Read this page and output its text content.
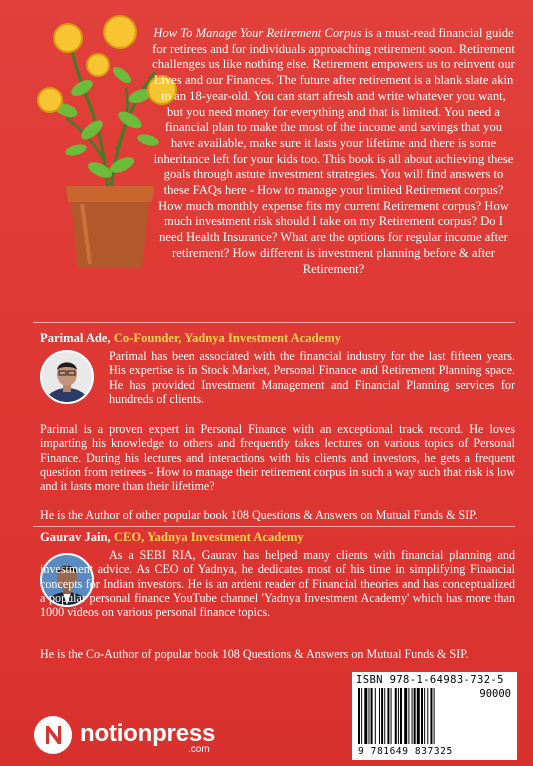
How To Manage Your Retirement Corpus is a must-read financial guide for retirees and for individuals approaching retirement soon. Retirement challenges us like nothing else. Retirement empowers us to reinvent our Lives and our Finances. The future after retirement is a blank slate akin to an 18-year-old. You can start afresh and write whatever you want, but you need money for everything and that is limited. You need a financial plan to make the most of the income and savings that you have available, make sure it lasts your lifetime and there is some inheritance left for your kids too. This book is all about achieving these goals through astute investment strategies. You will find answers to these FAQs here - How to manage your limited Retirement corpus? How much monthly expense fits my current Retirement corpus? How much investment risk should I take on my Retirement corpus? Do I need Health Insurance? What are the options for regular income after retirement? How different is investment planning before & after Retirement?
Parimal Ade, Co-Founder, Yadnya Investment Academy
Parimal has been associated with the financial industry for the last fifteen years. His expertise is in Stock Market, Personal Finance and Retirement Planning space. He has provided Investment Management and Financial Planning services for hundreds of clients.
Parimal is a proven expert in Personal Finance with an exceptional track record. He loves imparting his knowledge to others and frequently takes lectures on various topics of Personal Finance. During his lectures and interactions with his clients and investors, he gets a frequent question from retirees - How to manage their retirement corpus in such a way such that risk is low and it lasts more than their lifetime?
He is the Author of other popular book 108 Questions & Answers on Mutual Funds & SIP.
Gaurav Jain, CEO, Yadnya Investment Academy
As a SEBI RIA, Gaurav has helped many clients with financial planning and investment advice. As CEO of Yadnya, he dedicates most of his time in simplifying Financial concepts for Indian investors. He is an ardent reader of Financial theories and has conceptualized a popular personal finance YouTube channel 'Yadnya Investment Academy' which has more than 1000 videos on various personal finance topics.
He is the Co-Author of popular book 108 Questions & Answers on Mutual Funds & SIP.
ISBN 978-1-64983-732-5
90000
9 781649 837325
notionpress
.com
